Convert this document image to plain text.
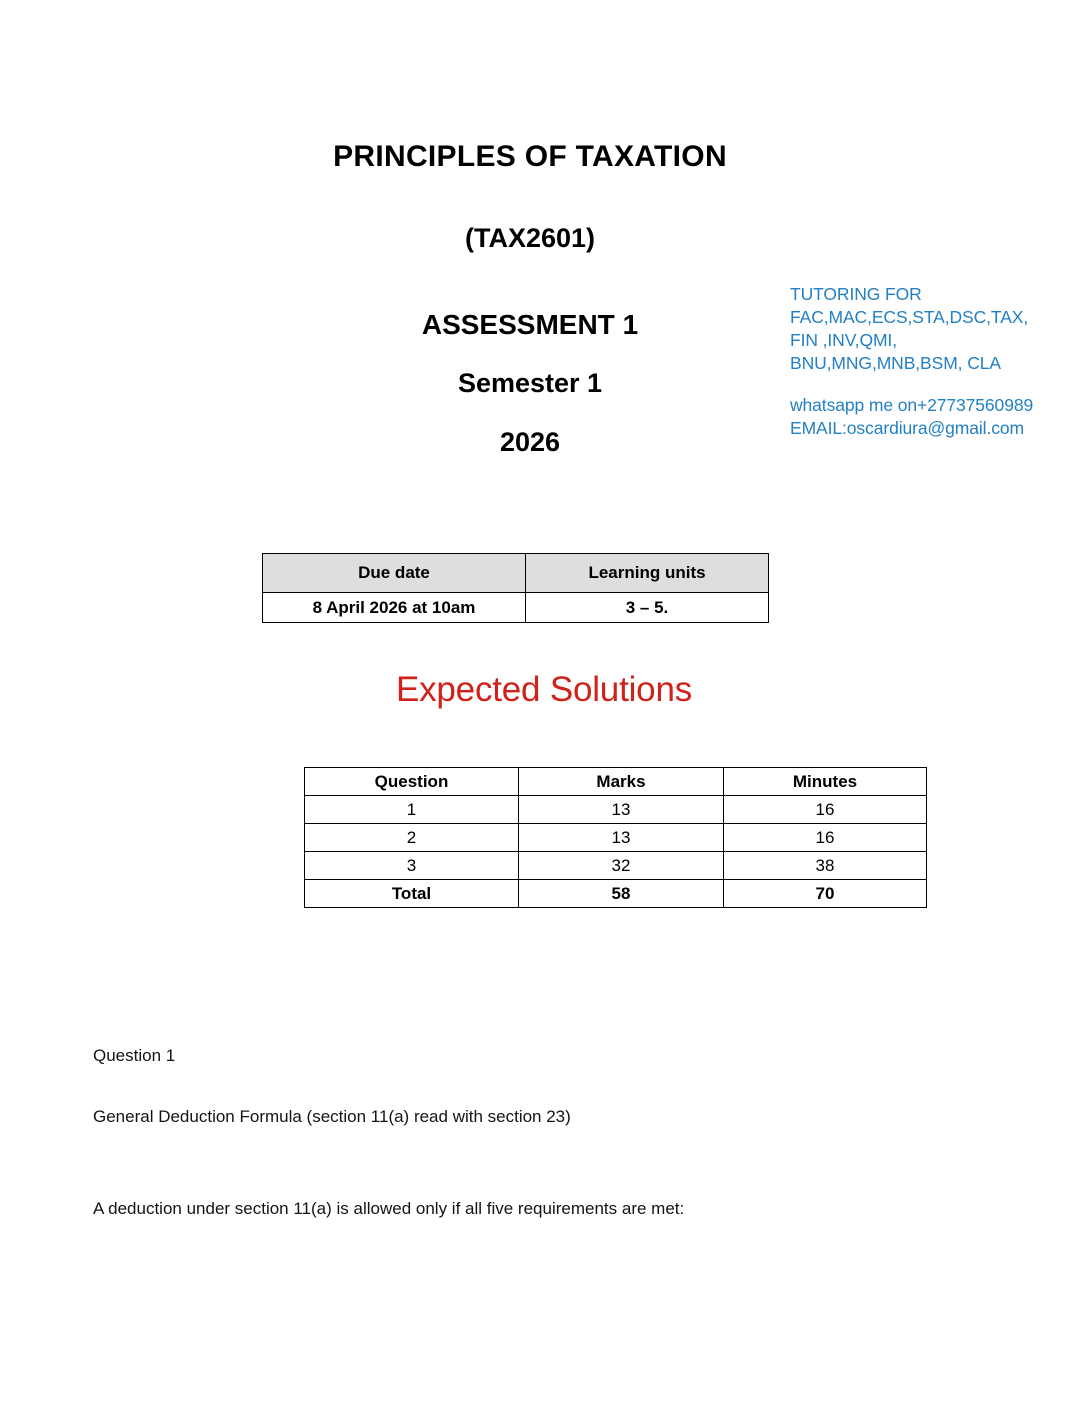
PRINCIPLES OF TAXATION
(TAX2601)
ASSESSMENT 1
Semester 1
2026
TUTORING FOR
FAC,MAC,ECS,STA,DSC,TAX,
FIN ,INV,QMI,
BNU,MNG,MNB,BSM, CLA
whatsapp me on+27737560989
EMAIL:oscardiura@gmail.com
Due date	Learning units
8 April 2026 at 10am	3 – 5.
Expected Solutions
Question	Marks	Minutes
1	13	16
2	13	16
3	32	38
Total	58	70

Question 1

General Deduction Formula (section 11(a) read with section 23)

A deduction under section 11(a) is allowed only if all five requirements are met:
